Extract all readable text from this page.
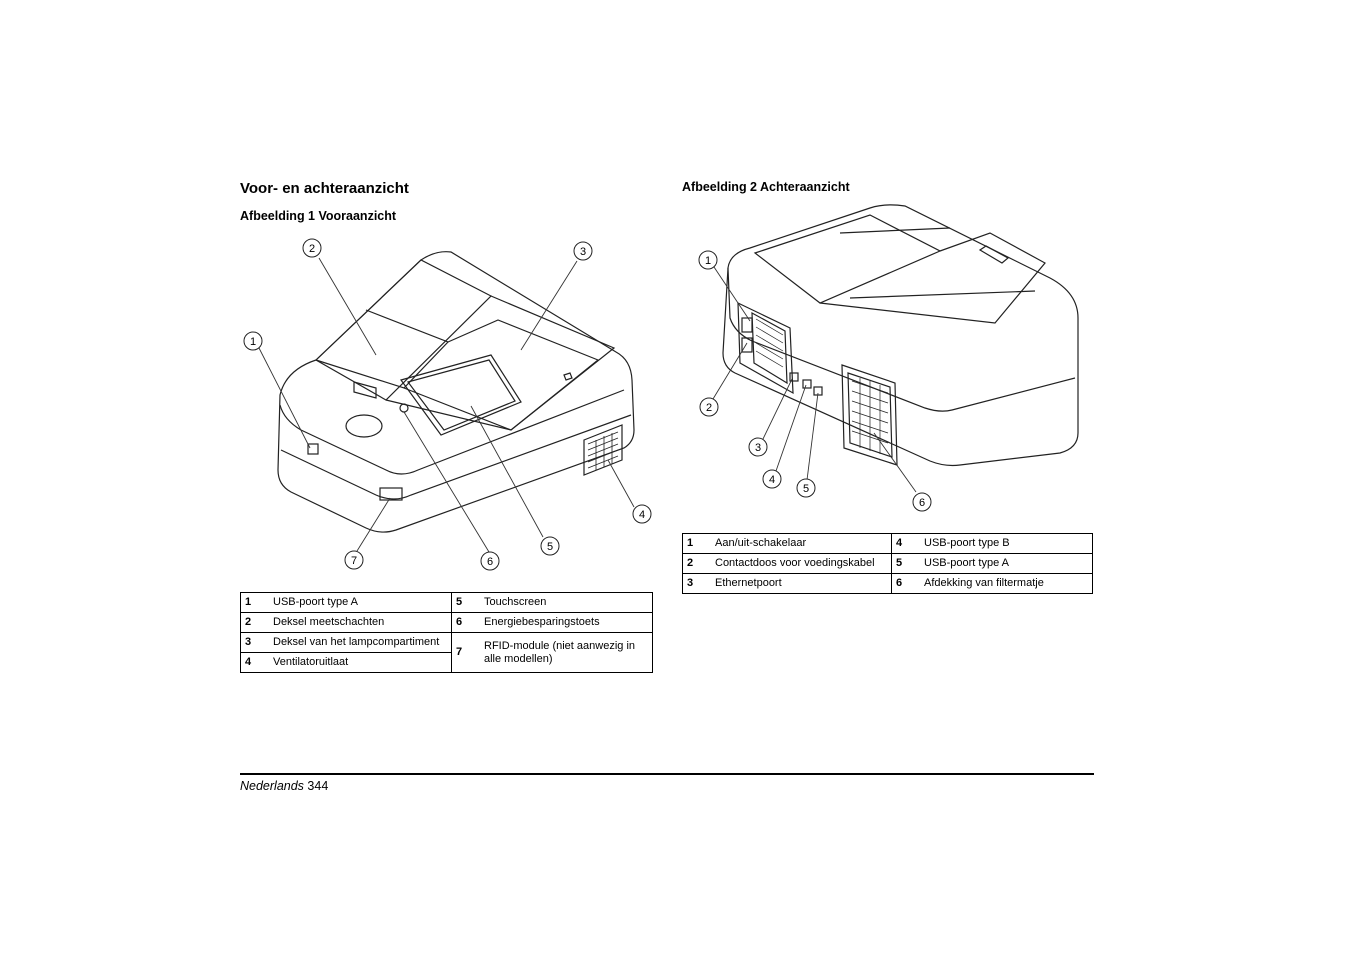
Voor- en achteraanzicht
Afbeelding 1 Vooraanzicht
Afbeelding 2 Achteraanzicht
1
2	3
4
5
6
7
1
2
3
4
5
6
1	USB-poort type A	5	Touchscreen
2	Deksel meetschachten	6	Energiebesparingstoets
3	Deksel van het lampcompartiment	7	RFID-module (niet aanwezig in alle modellen)
4	Ventilatoruitlaat		
1	Aan/uit-schakelaar	4	USB-poort type B
2	Contactdoos voor voedingskabel	5	USB-poort type A
3	Ethernetpoort	6	Afdekking van filtermatje
Nederlands 344
